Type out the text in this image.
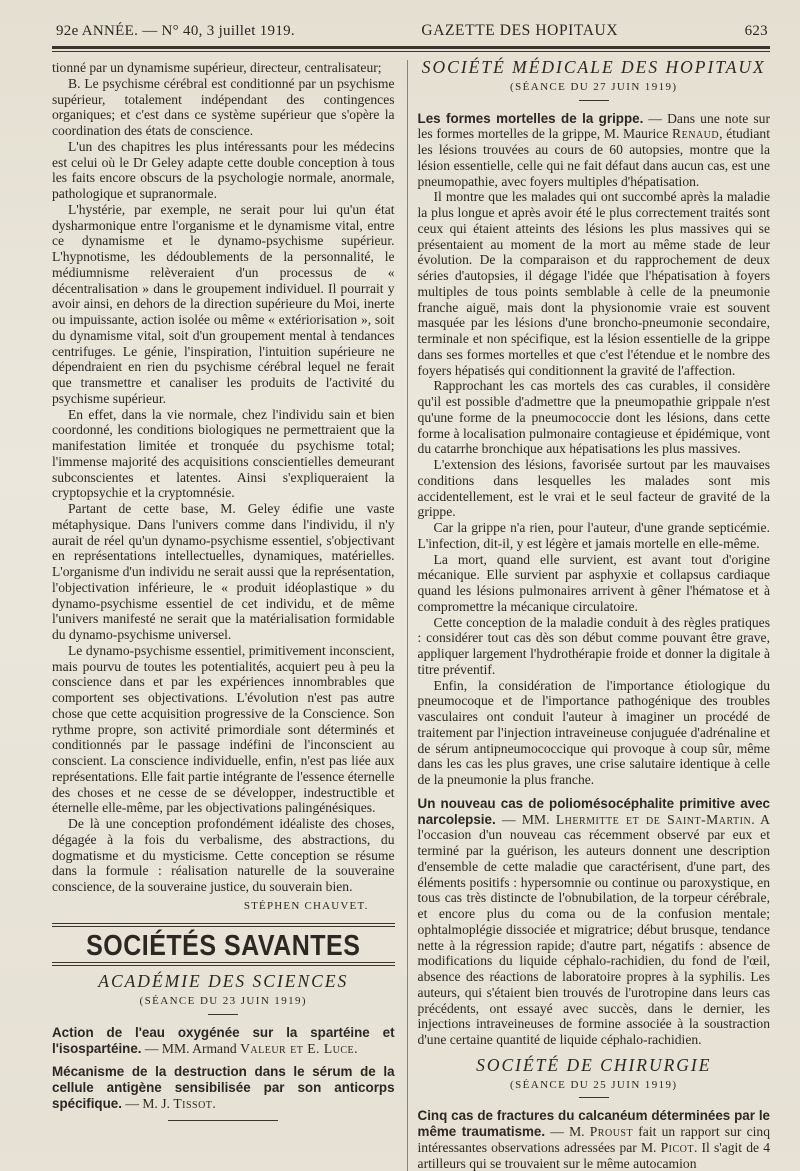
92e ANNÉE. — N° 40, 3 juillet 1919.	GAZETTE DES HOPITAUX	623

tionné par un dynamisme supérieur, directeur, centralisateur;

B. Le psychisme cérébral est conditionné par un psychisme supérieur, totalement indépendant des contingences organiques; et c'est dans ce système supérieur que s'opère la coordination des états de conscience.

L'un des chapitres les plus intéressants pour les médecins est celui où le Dr Geley adapte cette double conception à tous les faits encore obscurs de la psychologie normale, anormale, pathologique et supranormale.

L'hystérie, par exemple, ne serait pour lui qu'un état dysharmonique entre l'organisme et le dynamisme vital, entre ce dynamisme et le dynamo-psychisme supérieur. L'hypnotisme, les dédoublements de la personnalité, le médiumnisme relèveraient d'un processus de « décentralisation » dans le groupement individuel. Il pourrait y avoir ainsi, en dehors de la direction supérieure du Moi, inerte ou impuissante, action isolée ou même « extériorisation », soit du dynamisme vital, soit d'un groupement mental à tendances centrifuges. Le génie, l'inspiration, l'intuition supérieure ne dépendraient en rien du psychisme cérébral lequel ne ferait que transmettre et canaliser les produits de l'activité du psychisme supérieur.

En effet, dans la vie normale, chez l'individu sain et bien coordonné, les conditions biologiques ne permettraient que la manifestation limitée et tronquée du psychisme total; l'immense majorité des acquisitions conscientielles demeurant subconscientes et latentes. Ainsi s'expliqueraient la cryptopsychie et la cryptomnésie.

Partant de cette base, M. Geley édifie une vaste métaphysique. Dans l'univers comme dans l'individu, il n'y aurait de réel qu'un dynamo-psychisme essentiel, s'objectivant en représentations intellectuelles, dynamiques, matérielles. L'organisme d'un individu ne serait aussi que la représentation, l'objectivation inférieure, le « produit idéoplastique » du dynamo-psychisme essentiel de cet individu, et de même l'univers manifesté ne serait que la matérialisation formidable du dynamo-psychisme universel.

Le dynamo-psychisme essentiel, primitivement inconscient, mais pourvu de toutes les potentialités, acquiert peu à peu la conscience dans et par les expériences innombrables que comportent ses objectivations. L'évolution n'est pas autre chose que cette acquisition progressive de la Conscience. Son rythme propre, son activité primordiale sont déterminés et conditionnés par le passage indéfini de l'inconscient au conscient. La conscience individuelle, enfin, n'est pas liée aux représentations. Elle fait partie intégrante de l'essence éternelle des choses et ne cesse de se développer, indestructible et éternelle elle-même, par les objectivations palingénésiques.

De là une conception profondément idéaliste des choses, dégagée à la fois du verbalisme, des abstractions, du dogmatisme et du mysticisme. Cette conception se résume dans la formule : réalisation naturelle de la souveraine conscience, de la souveraine justice, du souverain bien.

STÉPHEN CHAUVET.
SOCIÉTÉS SAVANTES
ACADÉMIE DES SCIENCES
(SÉANCE DU 23 JUIN 1919)
Action de l'eau oxygénée sur la spartéine et l'isospartéine. — MM. Armand Valeur et E. Luce.
Mécanisme de la destruction dans le sérum de la cellule antigène sensibilisée par son anticorps spécifique. — M. J. Tissot.
SOCIÉTÉ MÉDICALE DES HOPITAUX
(SÉANCE DU 27 JUIN 1919)

Les formes mortelles de la grippe. — Dans une note sur les formes mortelles de la grippe, M. Maurice Renaud, étudiant les lésions trouvées au cours de 60 autopsies, montre que la lésion essentielle, celle qui ne fait défaut dans aucun cas, est une pneumopathie, avec foyers multiples d'hépatisation.

Il montre que les malades qui ont succombé après la maladie la plus longue et après avoir été le plus correctement traités sont ceux qui étaient atteints des lésions les plus massives qui se présentaient au moment de la mort au même stade de leur évolution. De la comparaison et du rapprochement de deux séries d'autopsies, il dégage l'idée que l'hépatisation à foyers multiples de tous points semblable à celle de la pneumonie franche aiguë, mais dont la physionomie vraie est souvent masquée par les lésions d'une broncho-pneumonie secondaire, terminale et non spécifique, est la lésion essentielle de la grippe dans ses formes mortelles et que c'est l'étendue et le nombre des foyers hépatisés qui conditionnent la gravité de l'affection.

Rapprochant les cas mortels des cas curables, il considère qu'il est possible d'admettre que la pneumopathie grippale n'est qu'une forme de la pneumococcie dont les lésions, dans cette forme à localisation pulmonaire contagieuse et épidémique, vont du catarrhe bronchique aux hépatisations les plus massives.

L'extension des lésions, favorisée surtout par les mauvaises conditions dans lesquelles les malades sont mis accidentellement, est le vrai et le seul facteur de gravité de la grippe.

Car la grippe n'a rien, pour l'auteur, d'une grande septicémie. L'infection, dit-il, y est légère et jamais mortelle en elle-même.

La mort, quand elle survient, est avant tout d'origine mécanique. Elle survient par asphyxie et collapsus cardiaque quand les lésions pulmonaires arrivent à gêner l'hématose et à compromettre la mécanique circulatoire.

Cette conception de la maladie conduit à des règles pratiques : considérer tout cas dès son début comme pouvant être grave, appliquer largement l'hydrothérapie froide et donner la digitale à titre préventif.

Enfin, la considération de l'importance étiologique du pneumocoque et de l'importance pathogénique des troubles vasculaires ont conduit l'auteur à imaginer un procédé de traitement par l'injection intraveineuse conjuguée d'adrénaline et de sérum antipneumococcique qui provoque à coup sûr, même dans les cas les plus graves, une crise salutaire identique à celle de la pneumonie la plus franche.

Un nouveau cas de poliomésocéphalite primitive avec narcolepsie. — MM. Lhermitte et de Saint-Martin. A l'occasion d'un nouveau cas récemment observé par eux et terminé par la guérison, les auteurs donnent une description d'ensemble de cette maladie que caractérisent, d'une part, des éléments positifs : hypersomnie ou continue ou paroxystique, en tous cas très distincte de l'obnubilation, de la torpeur cérébrale, et encore plus du coma ou de la confusion mentale; ophtalmoplégie dissociée et migratrice; début brusque, tendance nette à la régression rapide; d'autre part, négatifs : absence de modifications du liquide céphalo-rachidien, du fond de l'œil, absence des réactions de laboratoire propres à la syphilis. Les auteurs, qui s'étaient bien trouvés de l'urotropine dans leurs cas précédents, ont essayé avec succès, dans le dernier, les injections intraveineuses de formine associée à la soustraction d'une certaine quantité de liquide céphalo-rachidien.

SOCIÉTÉ DE CHIRURGIE
(SÉANCE DU 25 JUIN 1919)

Cinq cas de fractures du calcanéum déterminées par le même traumatisme. — M. Proust fait un rapport sur cinq intéressantes observations adressées par M. Picot. Il s'agit de 4 artilleurs qui se trouvaient sur le même autocamion
